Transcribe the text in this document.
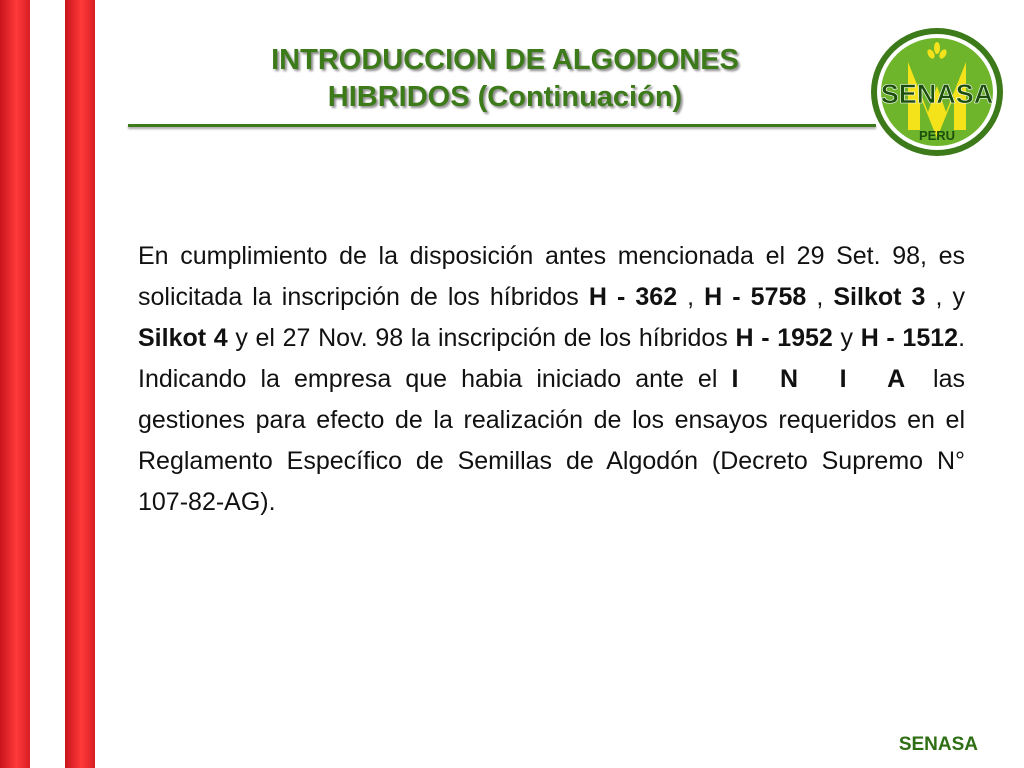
INTRODUCCION DE ALGODONES
HIBRIDOS (Continuación)	SENASA
PERU
En cumplimiento de la disposición antes mencionada el 29 Set. 98, es solicitada la inscripción de los híbridos H - 362 , H - 5758 , Silkot 3 , y Silkot 4 y el 27 Nov. 98 la inscripción de los híbridos H - 1952 y H - 1512. Indicando la empresa que habia iniciado ante el I N I A las gestiones para efecto de la realización de los ensayos requeridos en el Reglamento Específico de Semillas de Algodón (Decreto Supremo N° 107-82-AG).
SENASA
